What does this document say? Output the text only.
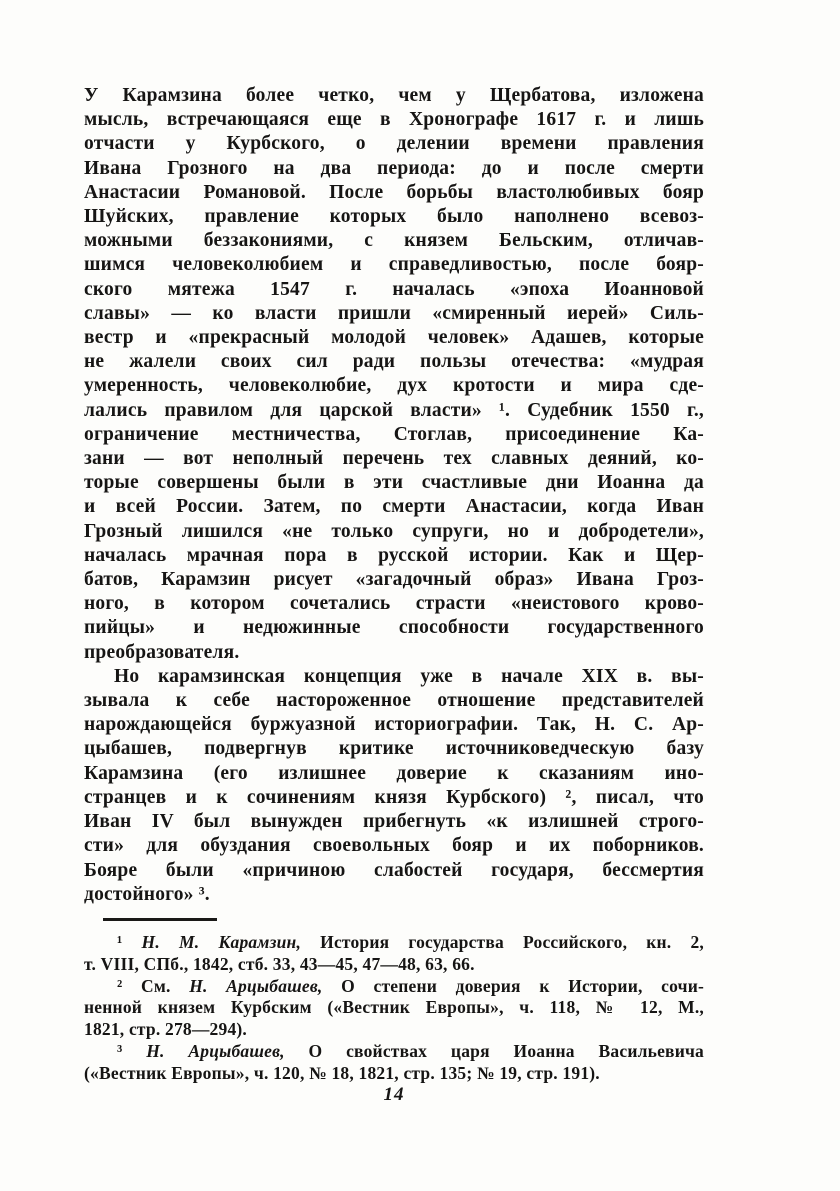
У Карамзина более четко, чем у Щербатова, изложена
мысль, встречающаяся еще в Хронографе 1617 г. и лишь
отчасти у Курбского, о делении времени правления
Ивана Грозного на два периода: до и после смерти
Анастасии Романовой. После борьбы властолюбивых бояр
Шуйских, правление которых было наполнено всевоз-
можными беззакониями, с князем Бельским, отличав-
шимся человеколюбием и справедливостью, после бояр-
ского мятежа 1547 г. началась «эпоха Иоанновой
славы» — ко власти пришли «смиренный иерей» Силь-
вестр и «прекрасный молодой человек» Адашев, которые
не жалели своих сил ради пользы отечества: «мудрая
умеренность, человеколюбие, дух кротости и мира сде-
лались правилом для царской власти» ¹. Судебник 1550 г.,
ограничение местничества, Стоглав, присоединение Ка-
зани — вот неполный перечень тех славных деяний, ко-
торые совершены были в эти счастливые дни Иоанна да
и всей России. Затем, по смерти Анастасии, когда Иван
Грозный лишился «не только супруги, но и добродетели»,
началась мрачная пора в русской истории. Как и Щер-
батов, Карамзин рисует «загадочный образ» Ивана Гроз-
ного, в котором сочетались страсти «неистового крово-
пийцы» и недюжинные способности государственного
преобразователя.
Но карамзинская концепция уже в начале XIX в. вы-
зывала к себе настороженное отношение представителей
нарождающейся буржуазной историографии. Так, Н. С. Ар-
цыбашев, подвергнув критике источниковедческую базу
Карамзина (его излишнее доверие к сказаниям ино-
странцев и к сочинениям князя Курбского) ², писал, что
Иван IV был вынужден прибегнуть «к излишней строго-
сти» для обуздания своевольных бояр и их поборников.
Бояре были «причиною слабостей государя, бессмертия
достойного» ³.
¹ Н. М. Карамзин, История государства Российского, кн. 2,
т. VIII, СПб., 1842, стб. 33, 43—45, 47—48, 63, 66.
² См. Н. Арцыбашев, О степени доверия к Истории, сочи-
ненной князем Курбским («Вестник Европы», ч. 118, № 12, М.,
1821, стр. 278—294).
³ Н. Арцыбашев, О свойствах царя Иоанна Васильевича
(«Вестник Европы», ч. 120, № 18, 1821, стр. 135; № 19, стр. 191).
14
